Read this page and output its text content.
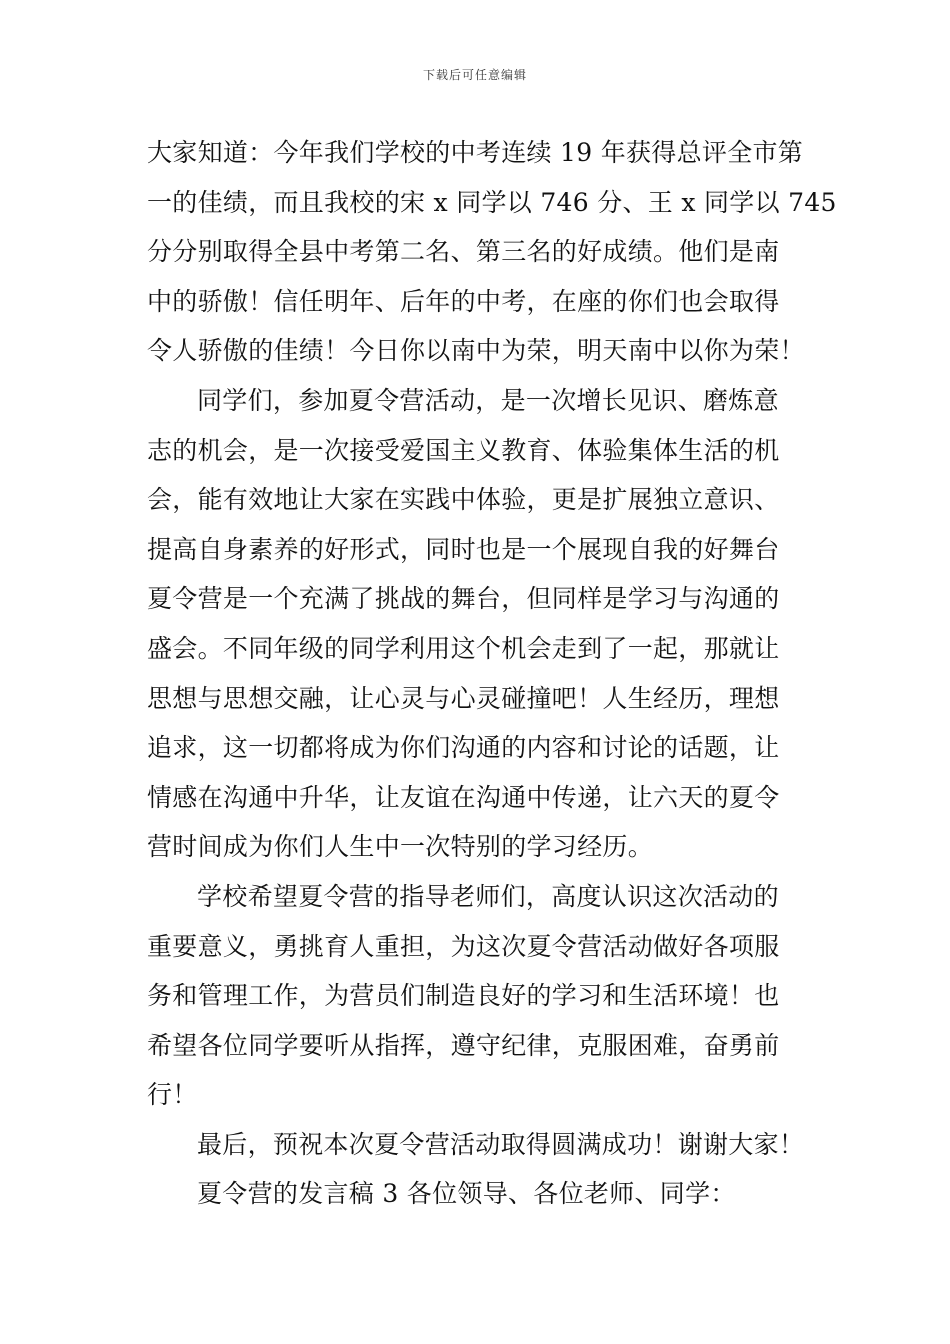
下载后可任意编辑
大家知道：今年我们学校的中考连续 19 年获得总评全市第
一的佳绩，而且我校的宋 x 同学以 746 分、王 x 同学以 745
分分别取得全县中考第二名、第三名的好成绩。他们是南
中的骄傲！信任明年、后年的中考，在座的你们也会取得
令人骄傲的佳绩！今日你以南中为荣，明天南中以你为荣！
同学们，参加夏令营活动，是一次增长见识、磨炼意
志的机会，是一次接受爱国主义教育、体验集体生活的机
会，能有效地让大家在实践中体验，更是扩展独立意识、
提高自身素养的好形式，同时也是一个展现自我的好舞台
夏令营是一个充满了挑战的舞台，但同样是学习与沟通的
盛会。不同年级的同学利用这个机会走到了一起，那就让
思想与思想交融，让心灵与心灵碰撞吧！人生经历，理想
追求，这一切都将成为你们沟通的内容和讨论的话题，让
情感在沟通中升华，让友谊在沟通中传递，让六天的夏令
营时间成为你们人生中一次特别的学习经历。
学校希望夏令营的指导老师们，高度认识这次活动的
重要意义，勇挑育人重担，为这次夏令营活动做好各项服
务和管理工作，为营员们制造良好的学习和生活环境！也
希望各位同学要听从指挥，遵守纪律，克服困难，奋勇前
行！
最后，预祝本次夏令营活动取得圆满成功！谢谢大家！
夏令营的发言稿 3 各位领导、各位老师、同学：
